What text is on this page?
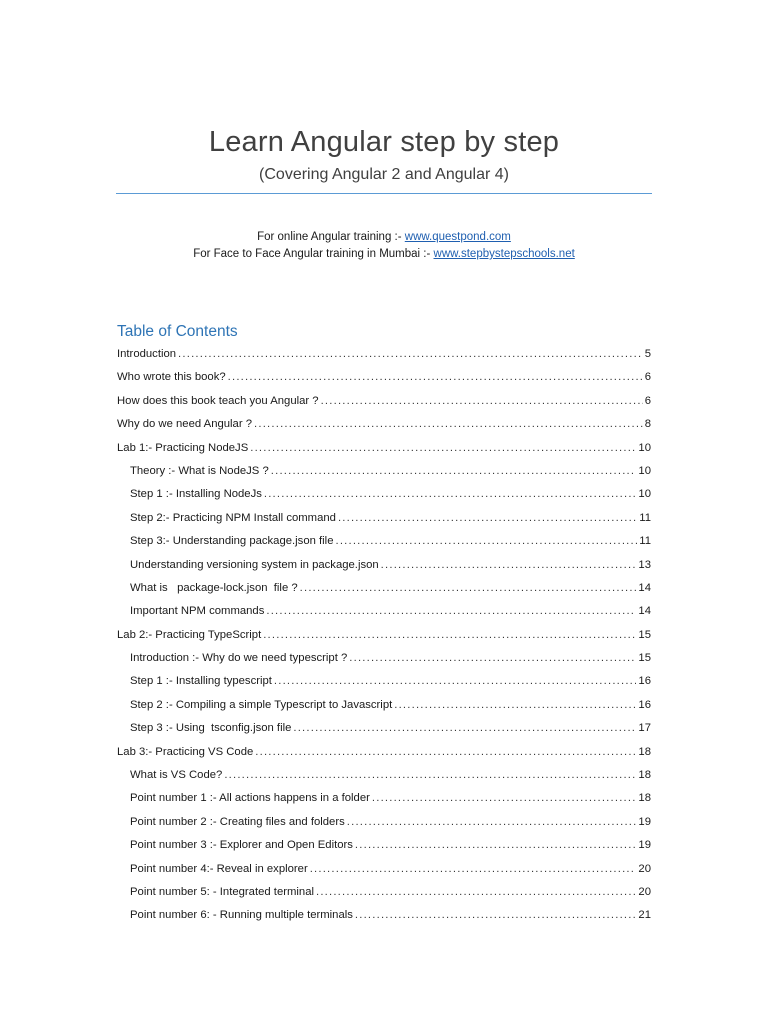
Learn Angular step by step
(Covering Angular 2 and Angular 4)
For online Angular training :- www.questpond.com
For Face to Face Angular training in Mumbai :- www.stepbystepschools.net
Table of Contents
Introduction .....	5
Who wrote this book? .....	6
How does this book teach you Angular ? .....	6
Why do we need Angular ? .....	8
Lab 1:- Practicing NodeJS .....	10
Theory :- What is NodeJS ? .....	10
Step 1 :- Installing NodeJs .....	10
Step 2:- Practicing NPM Install command .....	11
Step 3:- Understanding package.json file .....	11
Understanding versioning system in package.json .....	13
What is   package-lock.json  file ? .....	14
Important NPM commands .....	14
Lab 2:- Practicing TypeScript .....	15
Introduction :- Why do we need typescript ? .....	15
Step 1 :- Installing typescript .....	16
Step 2 :- Compiling a simple Typescript to Javascript .....	16
Step 3 :- Using  tsconfig.json file .....	17
Lab 3:- Practicing VS Code .....	18
What is VS Code? .....	18
Point number 1 :- All actions happens in a folder .....	18
Point number 2 :- Creating files and folders .....	19
Point number 3 :- Explorer and Open Editors .....	19
Point number 4:- Reveal in explorer .....	20
Point number 5: - Integrated terminal .....	20
Point number 6: - Running multiple terminals .....	21
